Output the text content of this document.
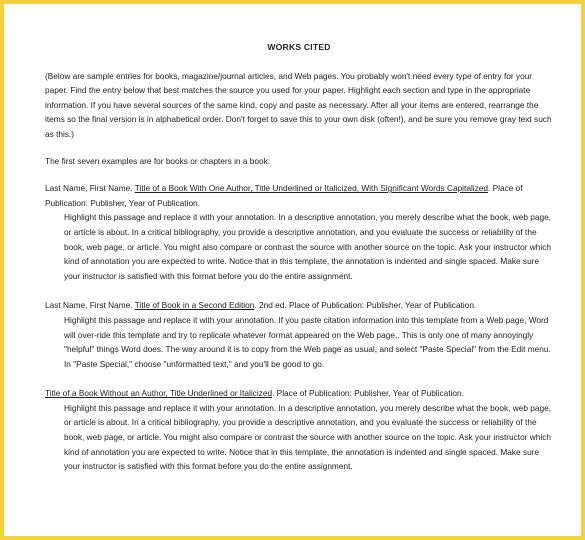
WORKS CITED

(Below are sample entries for books, magazine/journal articles, and Web pages. You probably won't need every type of entry for your paper. Find the entry below that best matches the source you used for your paper. Highlight each section and type in the appropriate information. If you have several sources of the same kind, copy and paste as necessary. After all your items are entered, rearrange the items so the final version is in alphabetical order. Don't forget to save this to your own disk (often!), and be sure you remove gray text such as this.)

The first seven examples are for books or chapters in a book:

Last Name, First Name. Title of a Book With One Author, Title Underlined or Italicized, With Significant Words Capitalized. Place of Publication: Publisher, Year of Publication.

Highlight this passage and replace it with your annotation. In a descriptive annotation, you merely describe what the book, web page, or article is about. In a critical bibliography, you provide a descriptive annotation, and you evaluate the success or reliability of the book, web page, or article. You might also compare or contrast the source with another source on the topic. Ask your instructor which kind of annotation you are expected to write. Notice that in this template, the annotation is indented and single spaced. Make sure your instructor is satisfied with this format before you do the entire assignment.

Last Name, First Name. Title of Book in a Second Edition. 2nd ed. Place of Publication: Publisher, Year of Publication.

Highlight this passage and replace it with your annotation. If you paste citation information into this template from a Web page, Word will over-ride this template and try to replicate whatever format appeared on the Web page,. This is only one of many annoyingly "helpful" things Word does. The way around it is to copy from the Web page as usual, and select "Paste Special" from the Edit menu. In "Paste Special," choose "unformatted text," and you'll be good to go.

Title of a Book Without an Author, Title Underlined or Italicized. Place of Publication: Publisher, Year of Publication.

Highlight this passage and replace it with your annotation. In a descriptive annotation, you merely describe what the book, web page, or article is about. In a critical bibliography, you provide a descriptive annotation, and you evaluate the success or reliability of the book, web page, or article. You might also compare or contrast the source with another source on the topic. Ask your instructor which kind of annotation you are expected to write. Notice that in this template, the annotation is indented and single spaced. Make sure your instructor is satisfied with this format before you do the entire assignment.
